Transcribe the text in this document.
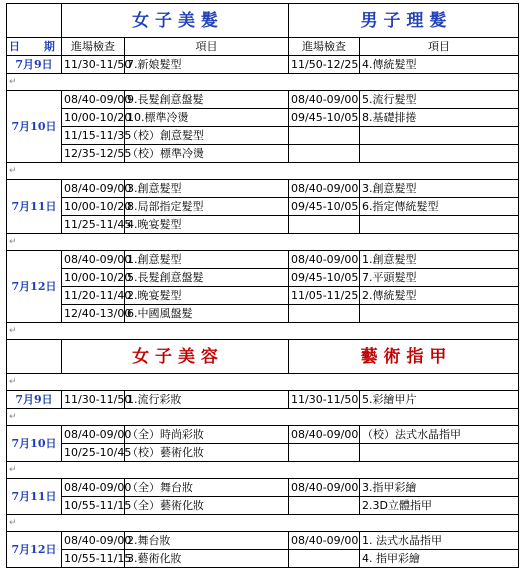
	女 子 美 髮		男 子 理 髮	
日 期	進場檢查	項目	進場檢查	項目
7月9日	11/30-11/50	7.新娘髮型	11/50-12/25	4.傳統髮型
↵				
7月10日	08/40-09/00	9.長髮創意盤髮	08/40-09/00	5.流行髮型
	10/00-10/20	10.標準冷燙	09/45-10/05	8.基礎排捲
	11/15-11/35	（校）創意髮型		
	12/35-12/55	（校）標準冷燙		
↵				
7月11日	08/40-09/00	3.創意髮型	08/40-09/00	3.創意髮型
	10/00-10/20	8.局部指定髮型	09/45-10/05	6.指定傳統髮型
	11/25-11/45	4.晚宴髮型		
↵				
7月12日	08/40-09/00	1.創意髮型	08/40-09/00	1.創意髮型
	10/00-10/20	5.長髮創意盤髮	09/45-10/05	7.平頭髮型
	11/20-11/40	2.晚宴髮型	11/05-11/25	2.傳統髮型
	12/40-13/00	6.中國風盤髮		
↵				
	女 子 美 容		藝 術 指 甲	
↵				
7月9日	11/30-11/50	1.流行彩妝	11/30-11/50	5.彩繪甲片
↵				
7月10日	08/40-09/00	（全）時尚彩妝	08/40-09/00	（校）法式水晶指甲
	10/25-10/45	（校）藝術化妝		
↵				
7月11日	08/40-09/00	（全）舞台妝	08/40-09/00	3.指甲彩繪
	10/55-11/15	（全）藝術化妝		2.3D立體指甲
↵				
7月12日	08/40-09/00	2.舞台妝	08/40-09/00	1. 法式水晶指甲
	10/55-11/15	3.藝術化妝		4. 指甲彩繪
